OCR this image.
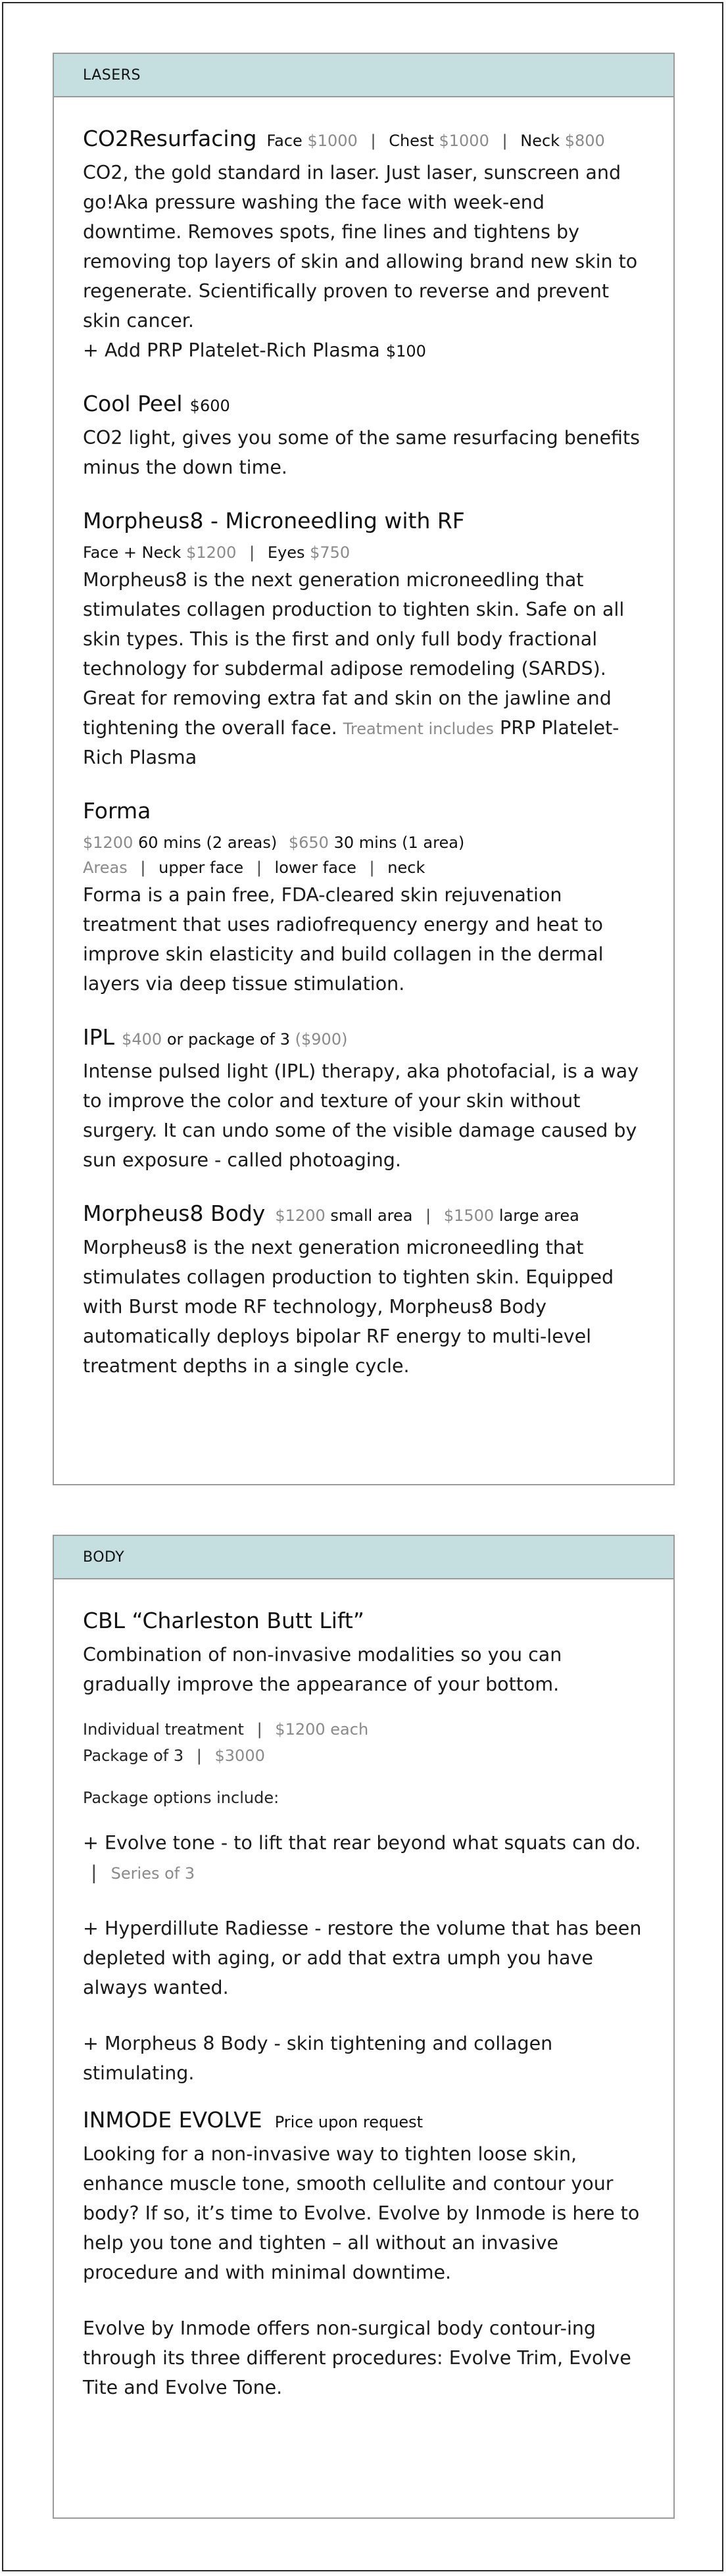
LASERS
CO2Resurfacing Face $1000 | Chest $1000 | Neck $800
CO2, the gold standard in laser. Just laser, sunscreen and go!Aka pressure washing the face with week-end downtime. Removes spots, fine lines and tightens by removing top layers of skin and allowing brand new skin to regenerate. Scientifically proven to reverse and prevent skin cancer.
+ Add PRP Platelet-Rich Plasma $100
Cool Peel $600
CO2 light, gives you some of the same resurfacing benefits minus the down time.
Morpheus8 - Microneedling with RF
Face + Neck $1200 | Eyes $750
Morpheus8 is the next generation microneedling that stimulates collagen production to tighten skin. Safe on all skin types. This is the first and only full body fractional technology for subdermal adipose remodeling (SARDS). Great for removing extra fat and skin on the jawline and tightening the overall face. Treatment includes PRP Platelet-Rich Plasma
Forma
$1200 60 mins (2 areas) $650 30 mins (1 area)
Areas | upper face | lower face | neck
Forma is a pain free, FDA-cleared skin rejuvenation treatment that uses radiofrequency energy and heat to improve skin elasticity and build collagen in the dermal layers via deep tissue stimulation.
IPL $400 or package of 3 ($900)
Intense pulsed light (IPL) therapy, aka photofacial, is a way to improve the color and texture of your skin without surgery. It can undo some of the visible damage caused by sun exposure - called photoaging.
Morpheus8 Body $1200 small area | $1500 large area
Morpheus8 is the next generation microneedling that stimulates collagen production to tighten skin. Equipped with Burst mode RF technology, Morpheus8 Body automatically deploys bipolar RF energy to multi-level treatment depths in a single cycle.
BODY
CBL “Charleston Butt Lift”
Combination of non-invasive modalities so you can gradually improve the appearance of your bottom.
Individual treatment | $1200 each
Package of 3 | $3000
Package options include:
+ Evolve tone - to lift that rear beyond what squats can do. | Series of 3
+ Hyperdillute Radiesse - restore the volume that has been depleted with aging, or add that extra umph you have always wanted.
+ Morpheus 8 Body - skin tightening and collagen stimulating.
INMODE EVOLVE Price upon request
Looking for a non-invasive way to tighten loose skin, enhance muscle tone, smooth cellulite and contour your body? If so, it’s time to Evolve. Evolve by Inmode is here to help you tone and tighten – all without an invasive procedure and with minimal downtime.
Evolve by Inmode offers non-surgical body contour-ing through its three different procedures: Evolve Trim, Evolve Tite and Evolve Tone.
